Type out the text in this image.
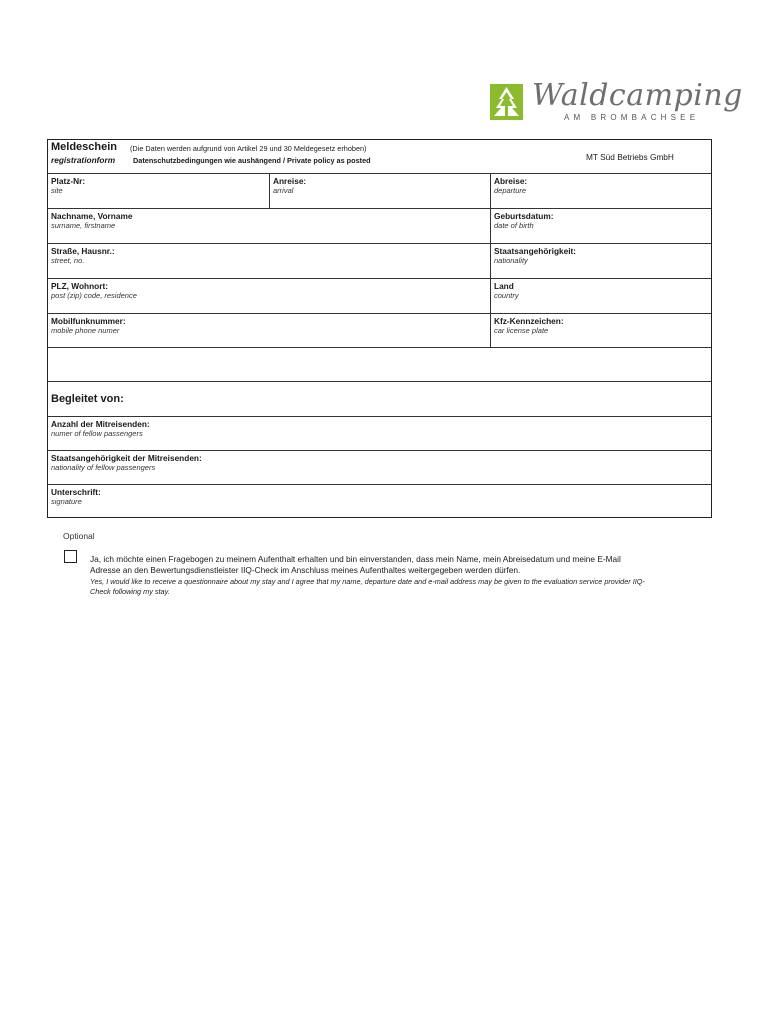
Waldcamping
AM BROMBACHSEE
Meldeschein (Die Daten werden aufgrund von Artikel 29 und 30 Meldegesetz erhoben)
registrationform Datenschutzbedingungen wie aushängend / Private policy as posted	MT Süd Betriebs GmbH
Platz-Nr:
site
Anreise:
arrival
Abreise:
departure
Nachname, Vorname
surname, firstname
Geburtsdatum:
date of birth
Straße, Hausnr.:
street, no.
Staatsangehörigkeit:
nationality
PLZ, Wohnort:
post (zip) code, residence
Land
country
Mobilfunknummer:
mobile phone numer
Kfz-Kennzeichen:
car license plate
Begleitet von:
Anzahl der Mitreisenden:
numer of fellow passengers
Staatsangehörigkeit der Mitreisenden:
nationality of fellow passengers
Unterschrift:
signature
Optional
Ja, ich möchte einen Fragebogen zu meinem Aufenthalt erhalten und bin einverstanden, dass mein Name, mein Abreisedatum und meine E-Mail Adresse an den Bewertungsdienstleister IIQ-Check im Anschluss meines Aufenthaltes weitergegeben werden dürfen.
Yes, I would like to receive a questionnaire about my stay and I agree that my name, departure date and e-mail address may be given to the evaluation service provider IIQ-Check following my stay.
